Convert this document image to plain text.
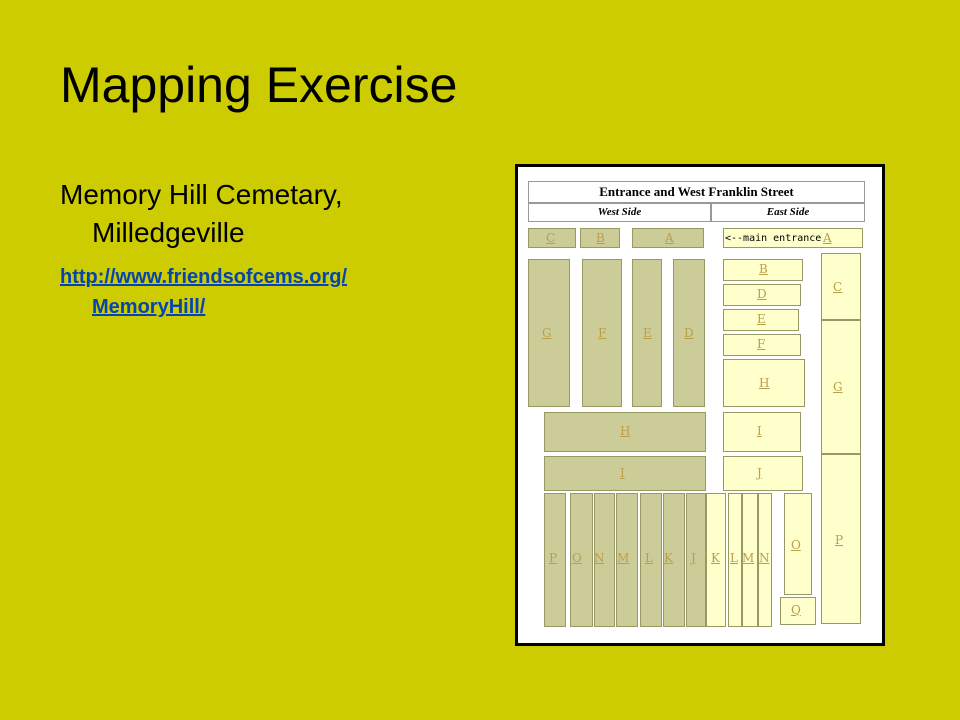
Mapping Exercise
Memory Hill Cemetary,
Milledgeville
http://www.friendsofcems.org/
MemoryHill/
Entrance and West Franklin Street
West Side	East Side
C	B	A	<--main entrance A
G	F	E	D
H
I
P O N M L K J
B
D
E
F
H
I
J
C
G
P
K L M N
O
Q
